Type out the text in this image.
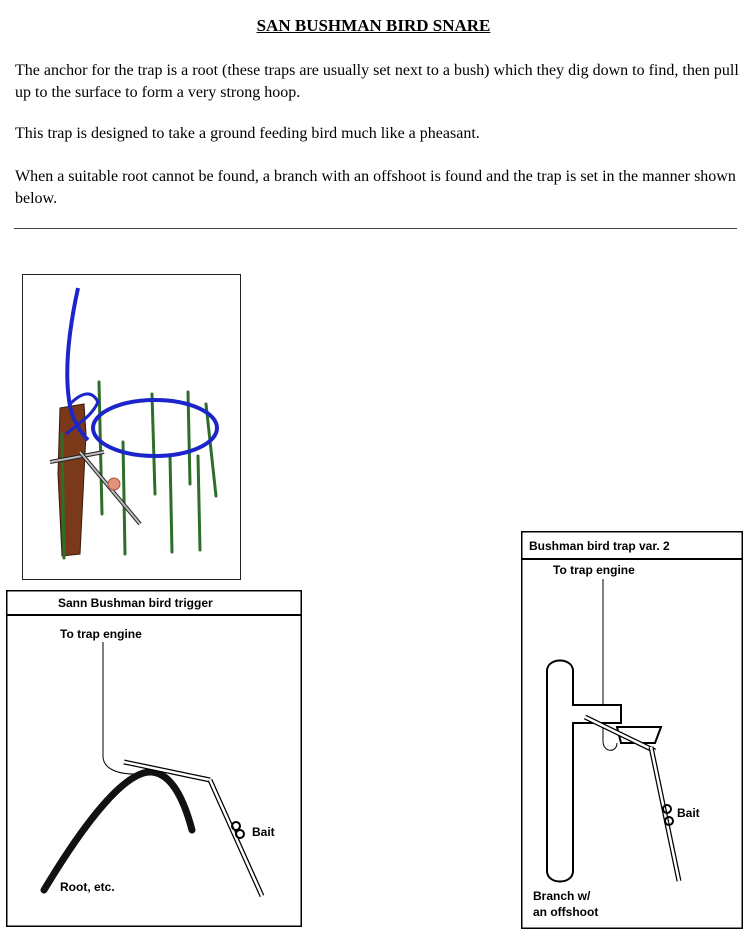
SAN BUSHMAN BIRD SNARE

The anchor for the trap is a root (these traps are usually set next to a bush) which they dig down to find, then pull up to the surface to form a very strong hoop.

This trap is designed to take a ground feeding bird much like a pheasant.

When a suitable root cannot be found, a branch with an offshoot is found and the trap is set in the manner shown below.

Sann Bushman bird trigger
To trap engine
Bait
Root, etc.
Bushman bird trap var. 2
To trap engine
Bait
Branch w/
an offshoot
